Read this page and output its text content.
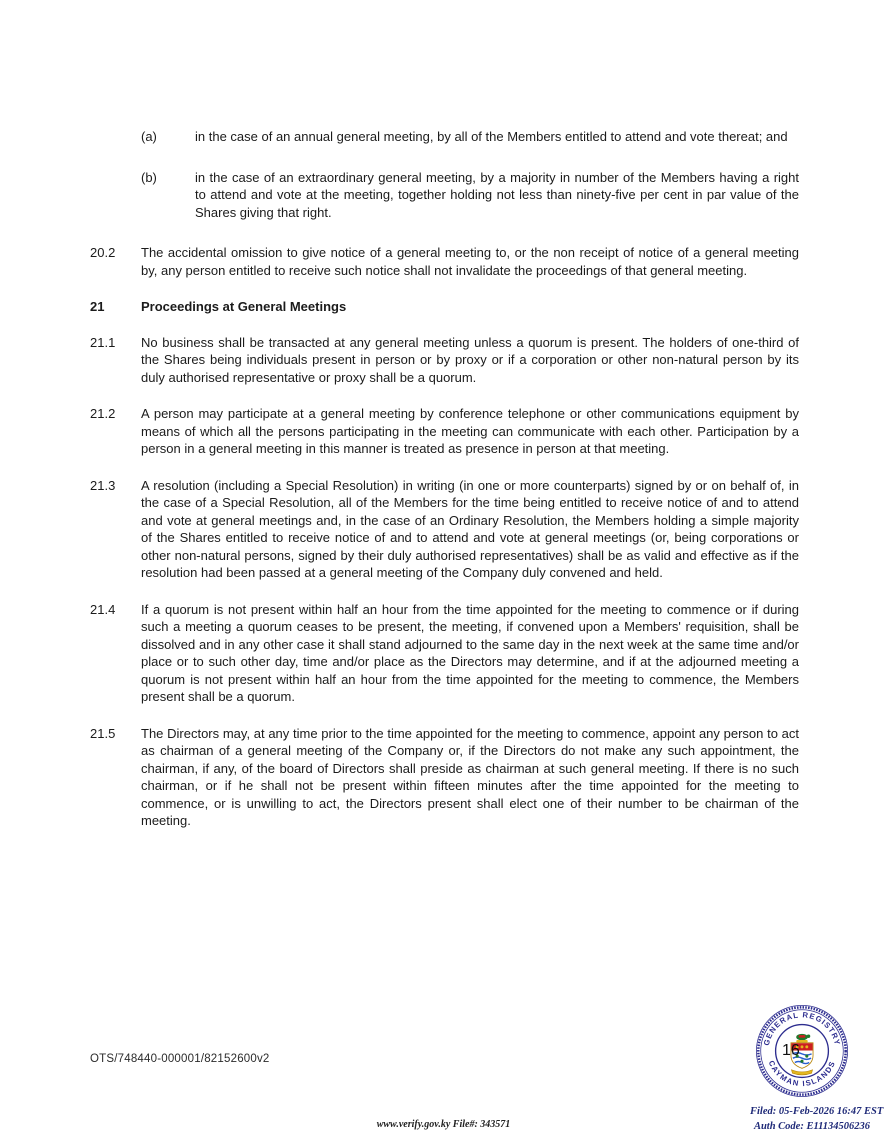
(a)	in the case of an annual general meeting, by all of the Members entitled to attend and vote thereat; and

(b)	in the case of an extraordinary general meeting, by a majority in number of the Members having a right to attend and vote at the meeting, together holding not less than ninety-five per cent in par value of the Shares giving that right.

20.2	The accidental omission to give notice of a general meeting to, or the non receipt of notice of a general meeting by, any person entitled to receive such notice shall not invalidate the proceedings of that general meeting.

21	Proceedings at General Meetings

21.1	No business shall be transacted at any general meeting unless a quorum is present. The holders of one-third of the Shares being individuals present in person or by proxy or if a corporation or other non-natural person by its duly authorised representative or proxy shall be a quorum.

21.2	A person may participate at a general meeting by conference telephone or other communications equipment by means of which all the persons participating in the meeting can communicate with each other. Participation by a person in a general meeting in this manner is treated as presence in person at that meeting.

21.3	A resolution (including a Special Resolution) in writing (in one or more counterparts) signed by or on behalf of, in the case of a Special Resolution, all of the Members for the time being entitled to receive notice of and to attend and vote at general meetings and, in the case of an Ordinary Resolution, the Members holding a simple majority of the Shares entitled to receive notice of and to attend and vote at general meetings (or, being corporations or other non-natural persons, signed by their duly authorised representatives) shall be as valid and effective as if the resolution had been passed at a general meeting of the Company duly convened and held.

21.4	If a quorum is not present within half an hour from the time appointed for the meeting to commence or if during such a meeting a quorum ceases to be present, the meeting, if convened upon a Members' requisition, shall be dissolved and in any other case it shall stand adjourned to the same day in the next week at the same time and/or place or to such other day, time and/or place as the Directors may determine, and if at the adjourned meeting a quorum is not present within half an hour from the time appointed for the meeting to commence, the Members present shall be a quorum.

21.5	The Directors may, at any time prior to the time appointed for the meeting to commence, appoint any person to act as chairman of a general meeting of the Company or, if the Directors do not make any such appointment, the chairman, if any, of the board of Directors shall preside as chairman at such general meeting. If there is no such chairman, or if he shall not be present within fifteen minutes after the time appointed for the meeting to commence, or is unwilling to act, the Directors present shall elect one of their number to be chairman of the meeting.

OTS/748440-000001/82152600v2	16
GENERAL REGISTRY
CAYMAN ISLANDS
Filed: 05-Feb-2026 16:47 EST
Auth Code: E11134506236
www.verify.gov.ky File#: 343571
